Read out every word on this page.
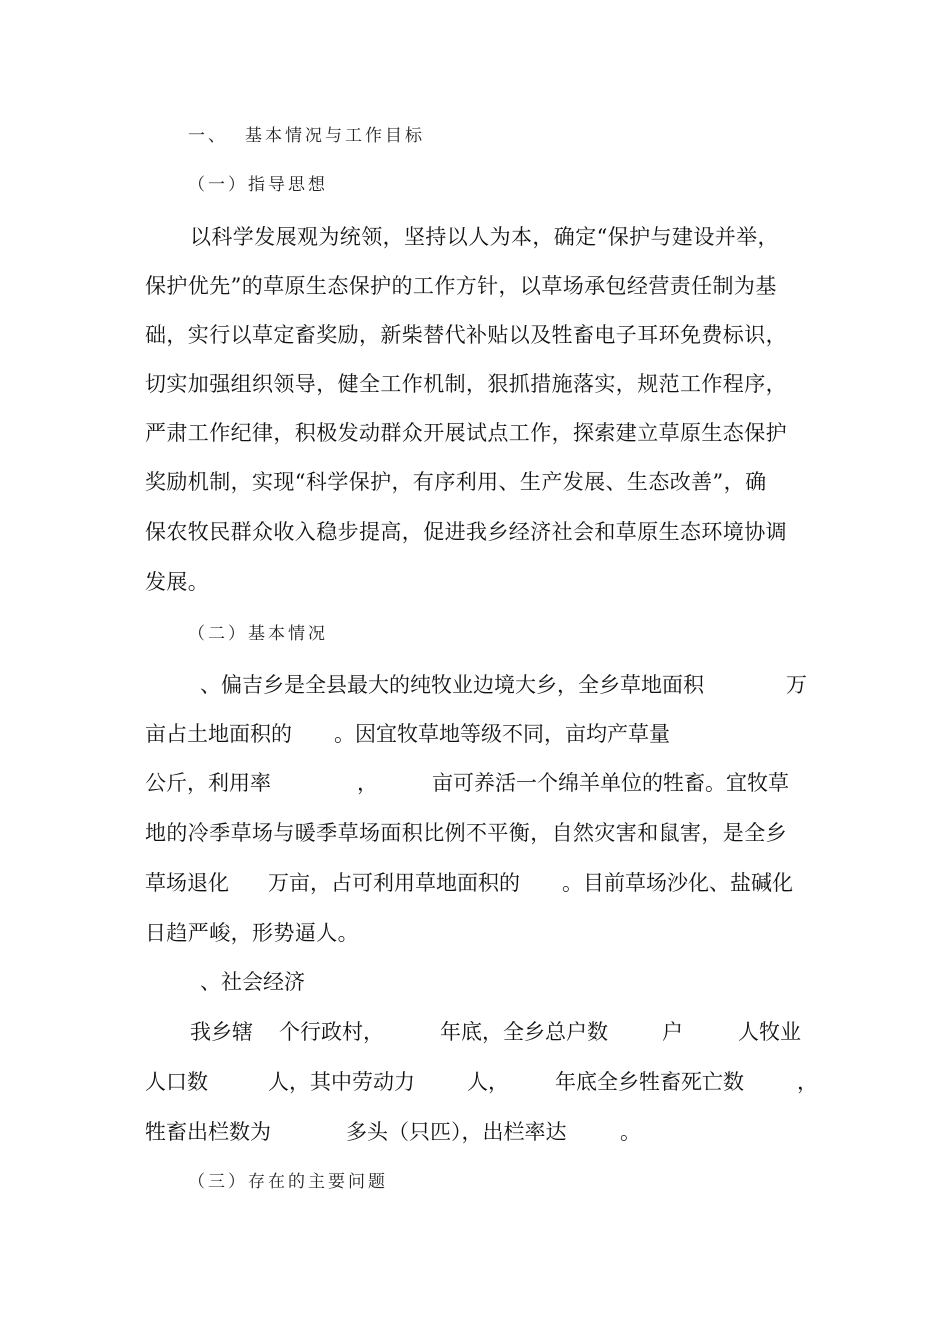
一、 基本情况与工作目标
（一）指导思想
以科学发展观为统领，坚持以人为本，确定“保护与建设并举，
保护优先”的草原生态保护的工作方针，以草场承包经营责任制为基
础，实行以草定畜奖励，新柴替代补贴以及牲畜电子耳环免费标识，
切实加强组织领导，健全工作机制，狠抓措施落实，规范工作程序，
严肃工作纪律，积极发动群众开展试点工作，探索建立草原生态保护
奖励机制，实现“科学保护，有序利用、生产发展、生态改善”，确
保农牧民群众收入稳步提高，促进我乡经济社会和草原生态环境协调
发展。
（二）基本情况
、偏吉乡是全县最大的纯牧业边境大乡，全乡草地面积	万
亩占土地面积的　　。因宜牧草地等级不同，亩均产草量
公斤，利用率	，	亩可养活一个绵羊单位的牲畜。宜牧草
地的冷季草场与暖季草场面积比例不平衡，自然灾害和鼠害，是全乡
草场退化 万亩，占可利用草地面积的 。目前草场沙化、盐碱化
日趋严峻，形势逼人。
、社会经济
我乡辖 个行政村，	年底，全乡总户数	户	人牧业
人口数	人，其中劳动力 人， 年底全乡牲畜死亡数	，
牲畜出栏数为	多头（只匹），出栏率达	。
（三）存在的主要问题
